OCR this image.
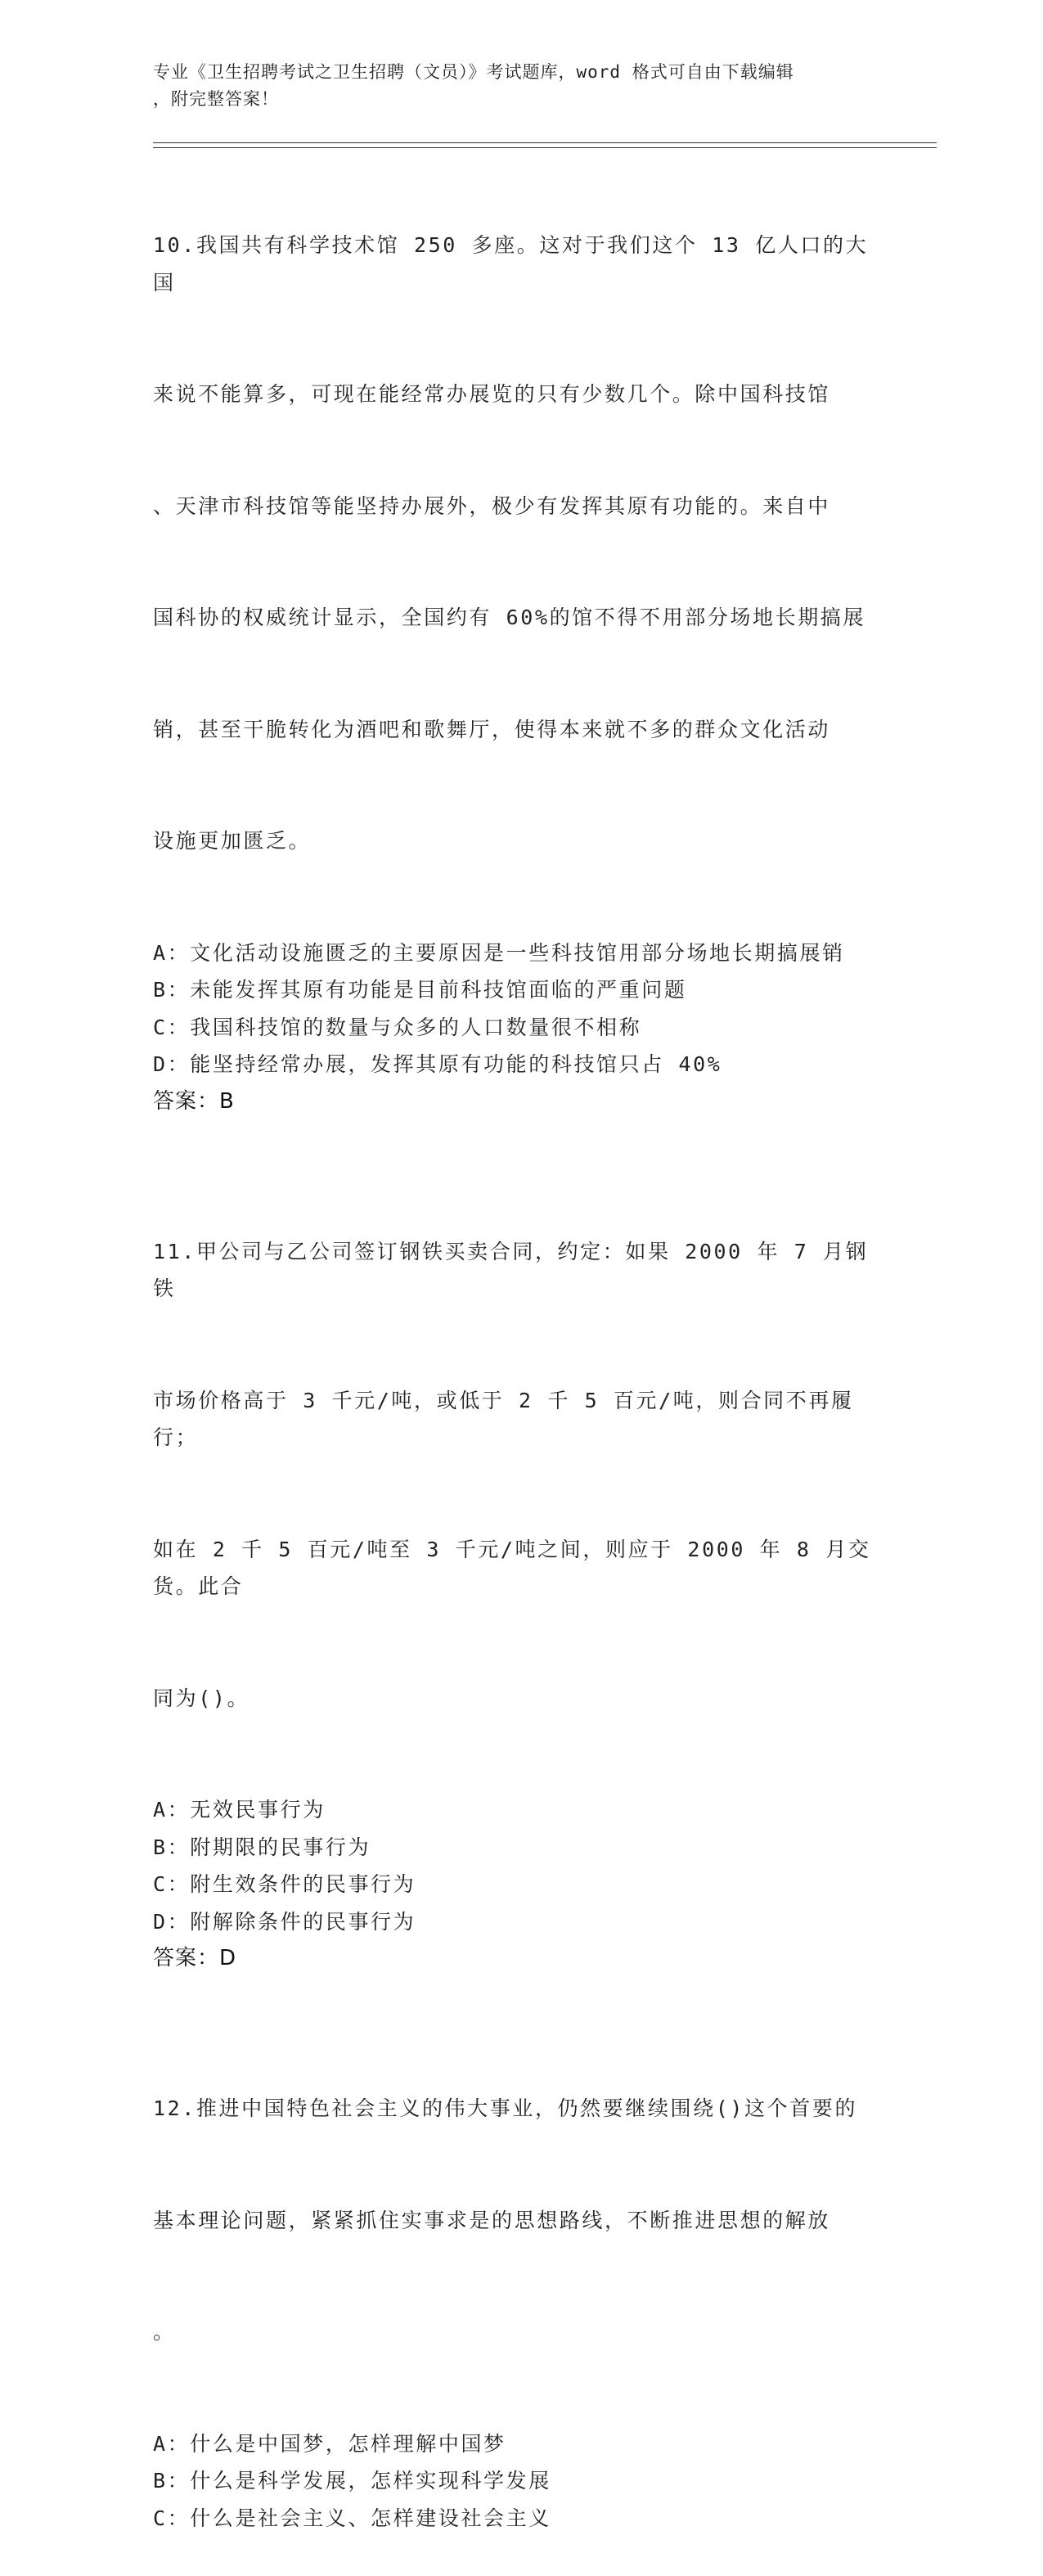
专业《卫生招聘考试之卫生招聘（文员）》考试题库，word 格式可自由下载编辑
，附完整答案！

10.我国共有科学技术馆 250 多座。这对于我们这个 13 亿人口的大国

来说不能算多，可现在能经常办展览的只有少数几个。除中国科技馆

、天津市科技馆等能坚持办展外，极少有发挥其原有功能的。来自中

国科协的权威统计显示，全国约有 60%的馆不得不用部分场地长期搞展

销，甚至干脆转化为酒吧和歌舞厅，使得本来就不多的群众文化活动

设施更加匮乏。

A：文化活动设施匮乏的主要原因是一些科技馆用部分场地长期搞展销
B：未能发挥其原有功能是目前科技馆面临的严重问题
C：我国科技馆的数量与众多的人口数量很不相称
D：能坚持经常办展，发挥其原有功能的科技馆只占 40%
答案：B

11.甲公司与乙公司签订钢铁买卖合同，约定：如果 2000 年 7 月钢铁

市场价格高于 3 千元/吨，或低于 2 千 5 百元/吨，则合同不再履行；

如在 2 千 5 百元/吨至 3 千元/吨之间，则应于 2000 年 8 月交货。此合

同为()。

A：无效民事行为
B：附期限的民事行为
C：附生效条件的民事行为
D：附解除条件的民事行为
答案：D

12.推进中国特色社会主义的伟大事业，仍然要继续围绕()这个首要的

基本理论问题，紧紧抓住实事求是的思想路线，不断推进思想的解放

。

A：什么是中国梦，怎样理解中国梦
B：什么是科学发展，怎样实现科学发展
C：什么是社会主义、怎样建设社会主义
